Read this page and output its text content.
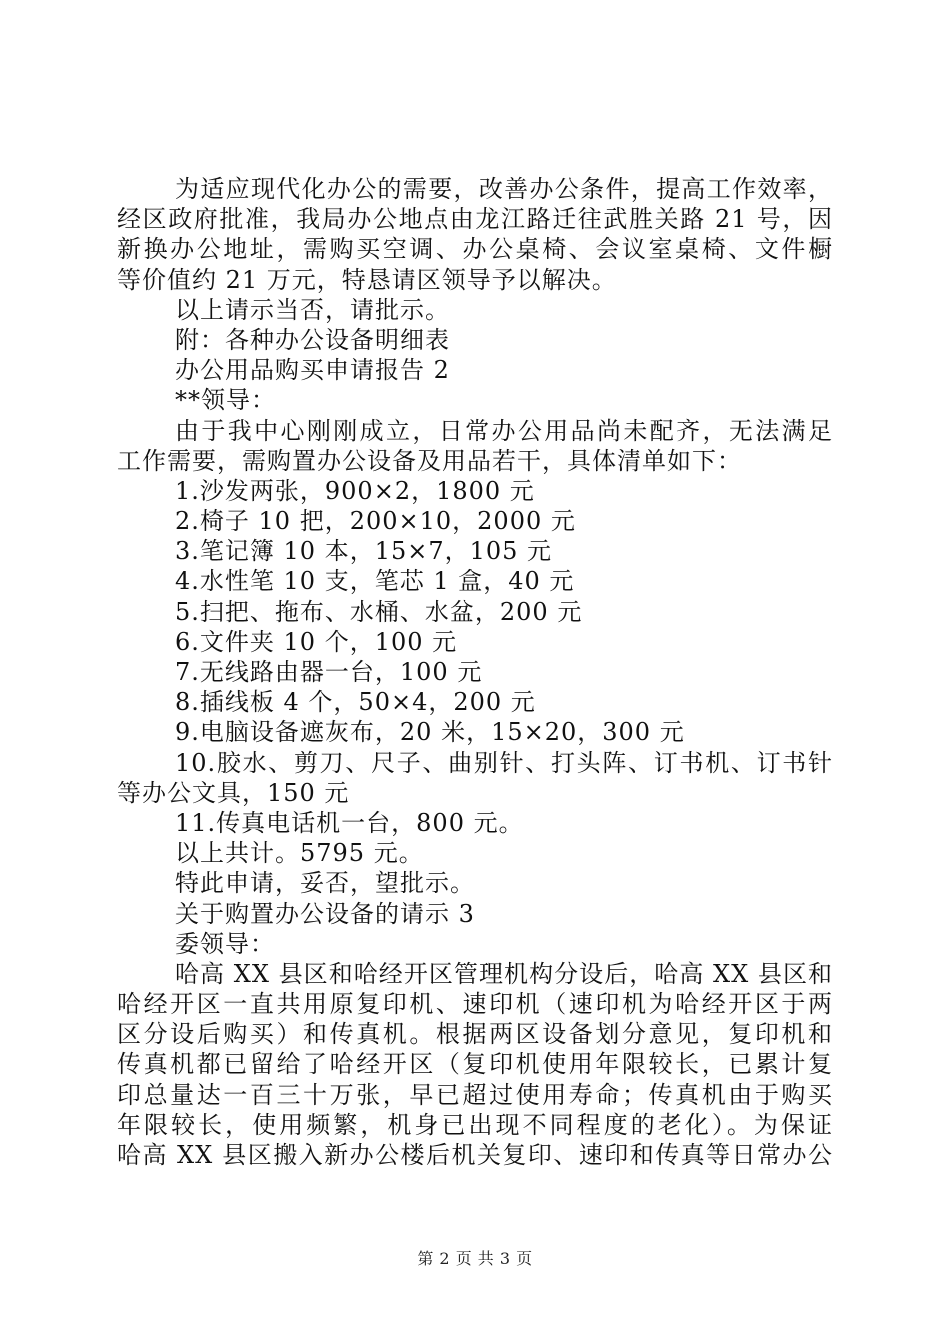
为适应现代化办公的需要，改善办公条件，提高工作效率，
经区政府批准，我局办公地点由龙江路迁往武胜关路 21 号，因
新换办公地址，需购买空调、办公桌椅、会议室桌椅、文件橱
等价值约 21 万元，特恳请区领导予以解决。
以上请示当否，请批示。
附：各种办公设备明细表
办公用品购买申请报告 2
**领导：
由于我中心刚刚成立，日常办公用品尚未配齐，无法满足
工作需要，需购置办公设备及用品若干，具体清单如下：
1.沙发两张，900×2，1800 元
2.椅子 10 把，200×10，2000 元
3.笔记簿 10 本，15×7，105 元
4.水性笔 10 支，笔芯 1 盒，40 元
5.扫把、拖布、水桶、水盆，200 元
6.文件夹 10 个，100 元
7.无线路由器一台，100 元
8.插线板 4 个，50×4，200 元
9.电脑设备遮灰布，20 米，15×20，300 元
10.胶水、剪刀、尺子、曲别针、打头阵、订书机、订书针
等办公文具，150 元
11.传真电话机一台，800 元。
以上共计。5795 元。
特此申请，妥否，望批示。
关于购置办公设备的请示 3
委领导：
哈高 XX 县区和哈经开区管理机构分设后，哈高 XX 县区和
哈经开区一直共用原复印机、速印机（速印机为哈经开区于两
区分设后购买）和传真机。根据两区设备划分意见，复印机和
传真机都已留给了哈经开区（复印机使用年限较长，已累计复
印总量达一百三十万张，早已超过使用寿命；传真机由于购买
年限较长，使用频繁，机身已出现不同程度的老化）。为保证
哈高 XX 县区搬入新办公楼后机关复印、速印和传真等日常办公
第 2 页 共 3 页
